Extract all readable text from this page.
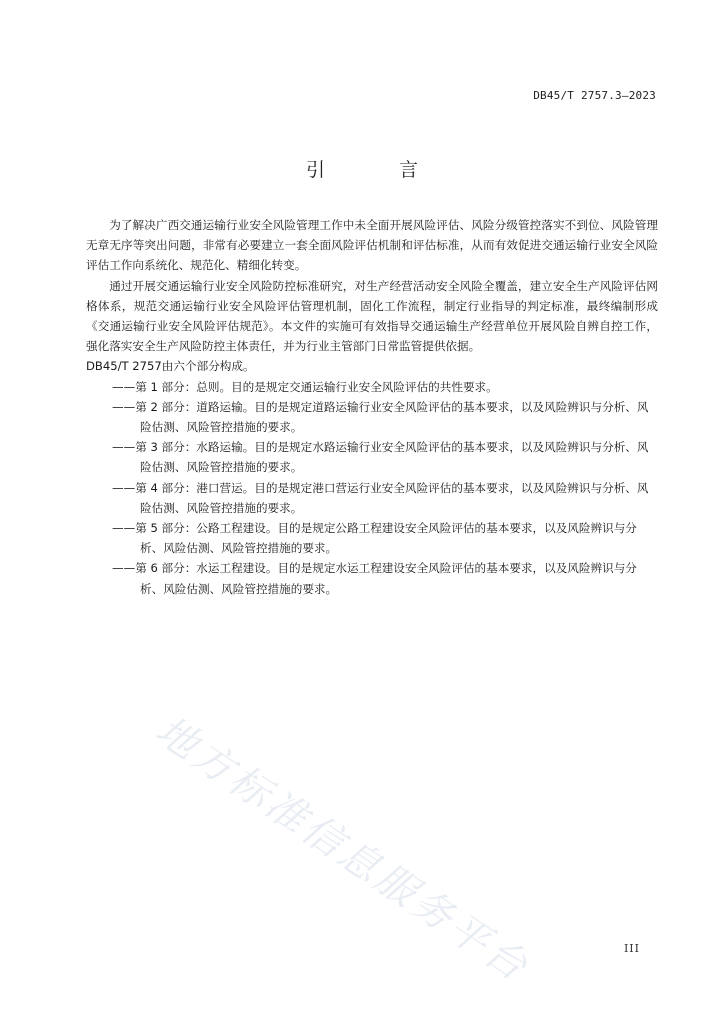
DB45/T 2757.3—2023
引 言

为了解决广西交通运输行业安全风险管理工作中未全面开展风险评估、风险分级管控落实不到位、风险管理无章无序等突出问题，非常有必要建立一套全面风险评估机制和评估标准，从而有效促进交通运输行业安全风险评估工作向系统化、规范化、精细化转变。

通过开展交通运输行业安全风险防控标准研究，对生产经营活动安全风险全覆盖，建立安全生产风险评估网格体系，规范交通运输行业安全风险评估管理机制，固化工作流程，制定行业指导的判定标准，最终编制形成《交通运输行业安全风险评估规范》。本文件的实施可有效指导交通运输生产经营单位开展风险自辨自控工作，强化落实安全生产风险防控主体责任，并为行业主管部门日常监管提供依据。

DB45/T 2757由六个部分构成。

——第 1 部分：总则。目的是规定交通运输行业安全风险评估的共性要求。
——第 2 部分：道路运输。目的是规定道路运输行业安全风险评估的基本要求，以及风险辨识与分析、风险估测、风险管控措施的要求。
——第 3 部分：水路运输。目的是规定水路运输行业安全风险评估的基本要求，以及风险辨识与分析、风险估测、风险管控措施的要求。
——第 4 部分：港口营运。目的是规定港口营运行业安全风险评估的基本要求，以及风险辨识与分析、风险估测、风险管控措施的要求。
——第 5 部分：公路工程建设。目的是规定公路工程建设安全风险评估的基本要求，以及风险辨识与分析、风险估测、风险管控措施的要求。
——第 6 部分：水运工程建设。目的是规定水运工程建设安全风险评估的基本要求，以及风险辨识与分析、风险估测、风险管控措施的要求。
地方标准信息服务平台	III
